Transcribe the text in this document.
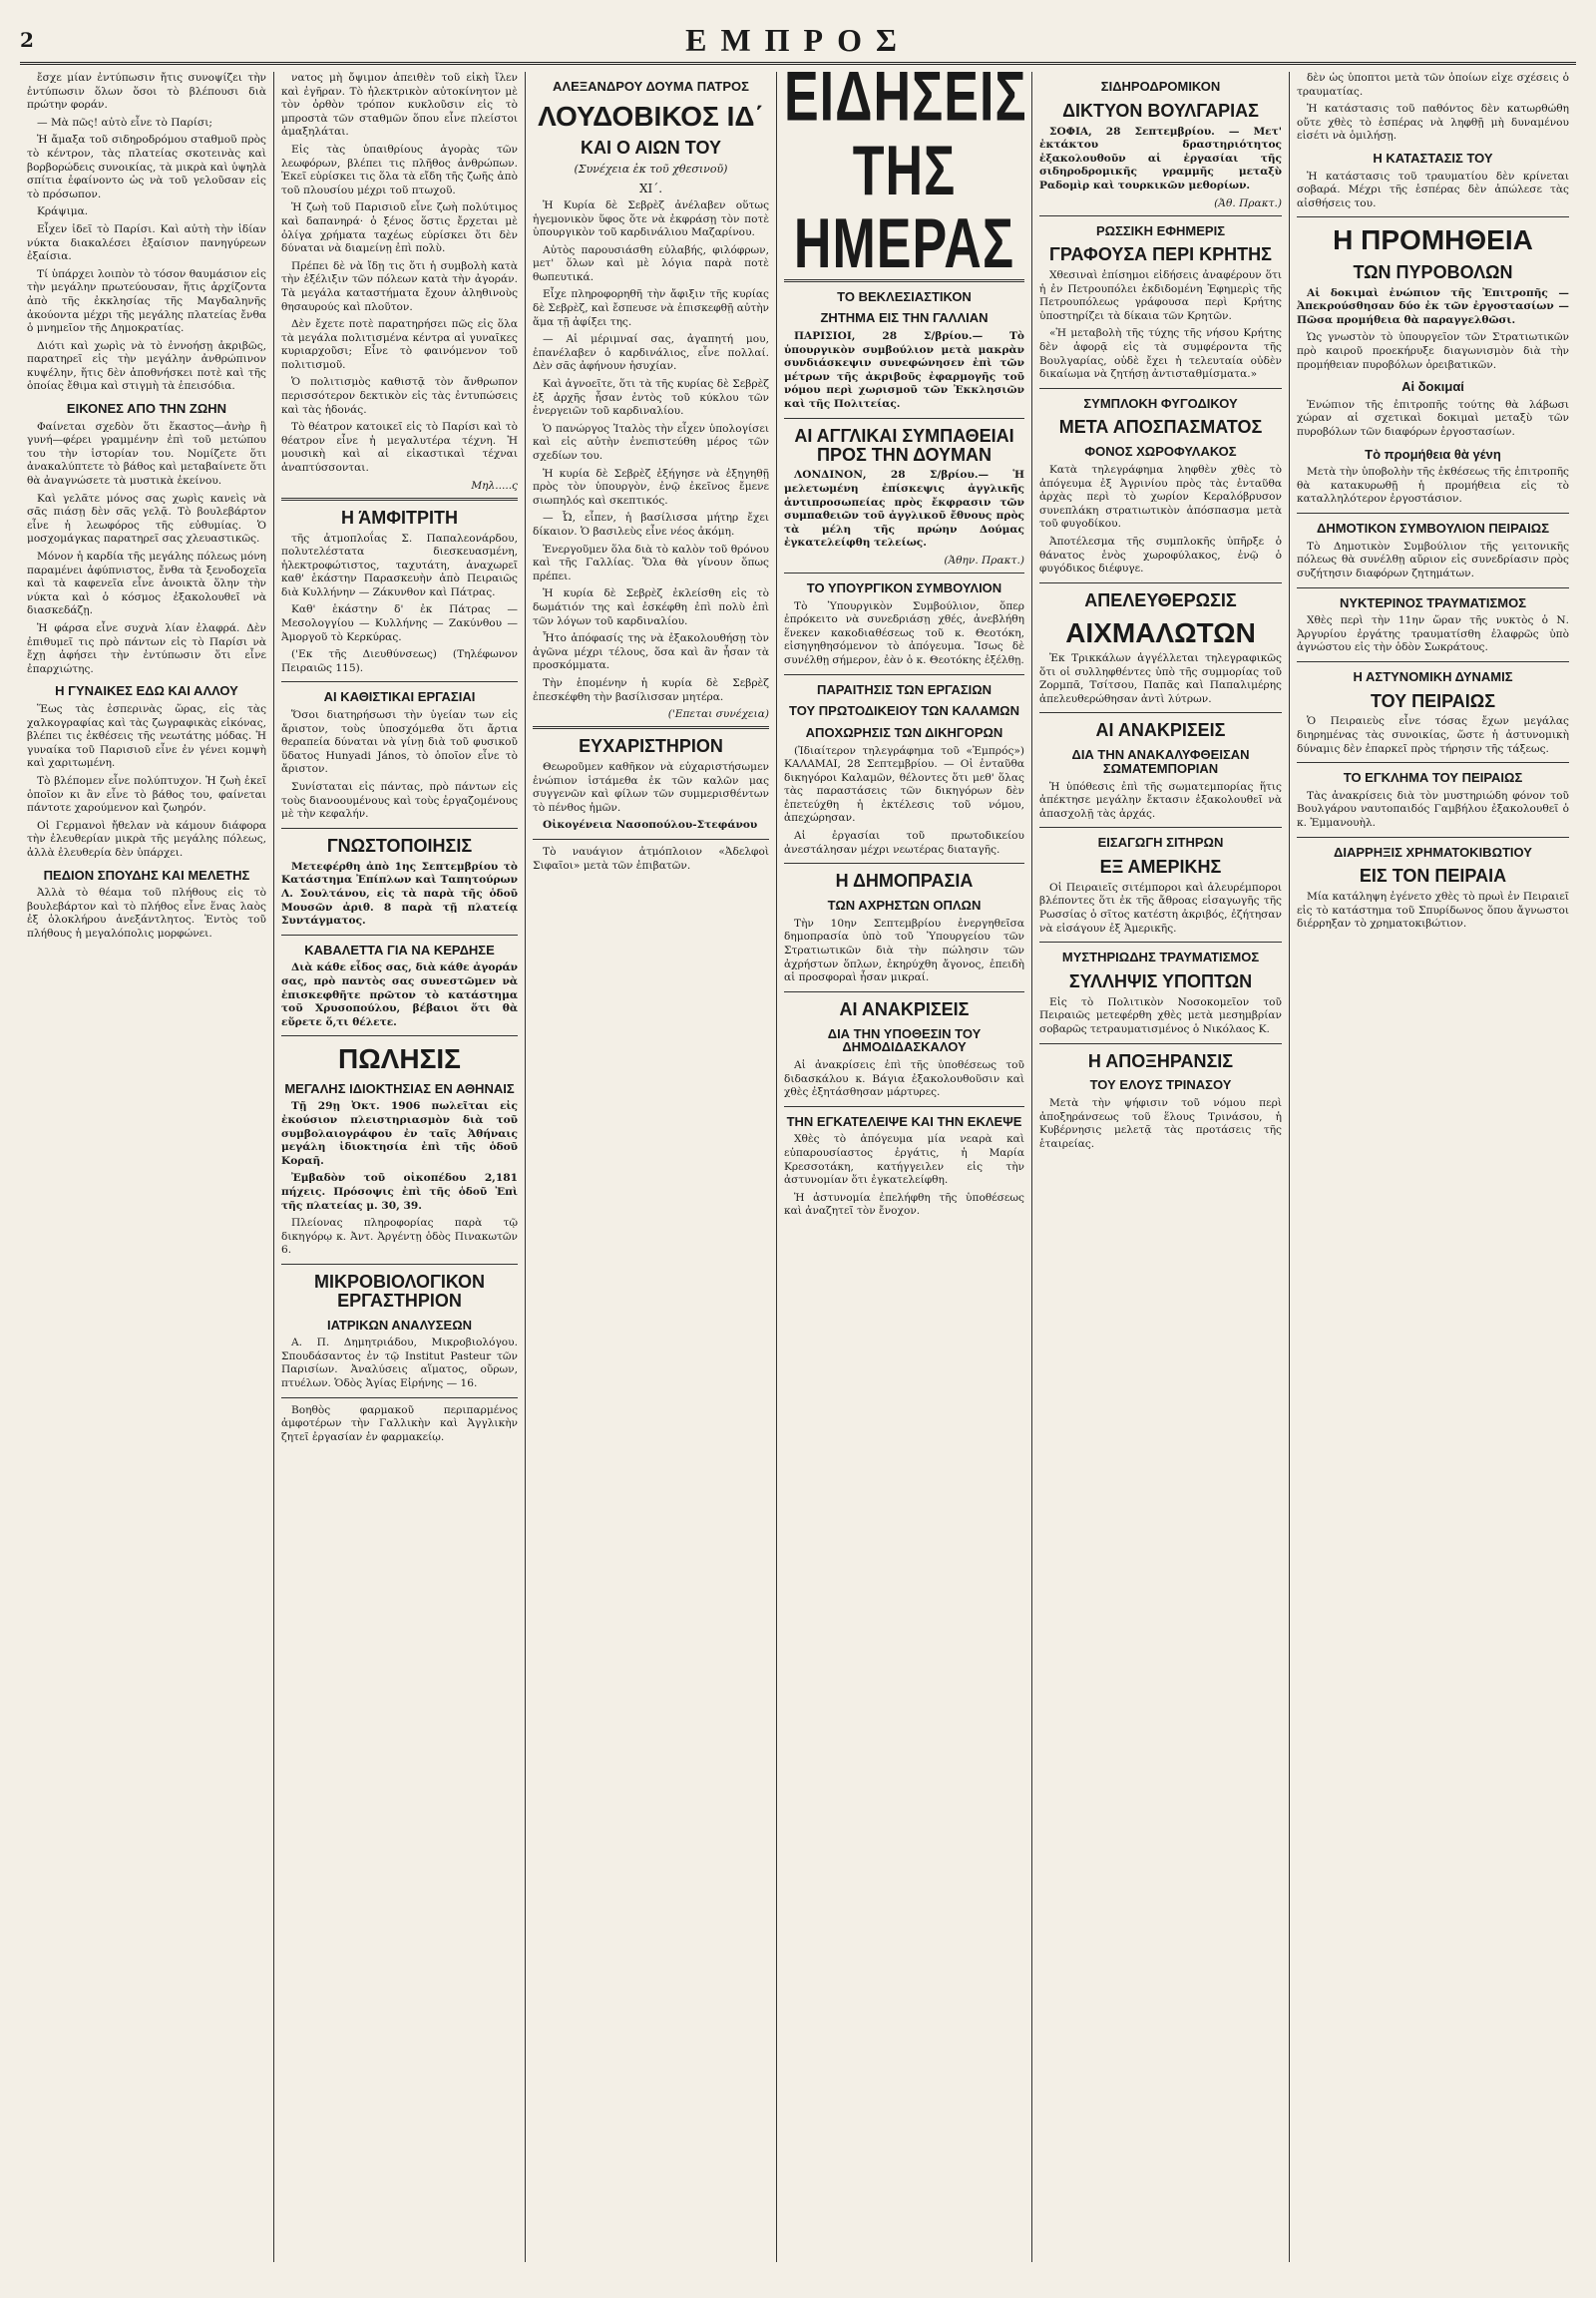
2	ΕΜΠΡΟΣ

ἔσχε μίαν ἐντύπωσιν ἤτις συνοψίζει τὴν ἐντύπωσιν ὅλων ὅσοι τὸ βλέπουσι διὰ πρώτην φοράν.

— Μὰ πῶς! αὐτὸ εἶνε τὸ Παρίσι;

Ἡ ἄμαξα τοῦ σιδηροδρόμου σταθμοῦ πρὸς τὸ κέντρον, τὰς πλατείας σκοτεινὰς καὶ βορβορώδεις συνοικίας, τὰ μικρὰ καὶ ὑψηλὰ σπίτια ἐφαίνοντο ὡς νὰ τοῦ γελοῦσαν εἰς τὸ πρόσωπον.

Κράψιμα.

Εἶχεν ἰδεῖ τὸ Παρίσι. Καὶ αὐτὴ τὴν ἰδίαν νύκτα διακαλέσει ἐξαίσιον πανηγύρεων ἐξαίσια.

Τί ὑπάρχει λοιπὸν τὸ τόσον θαυμάσιον εἰς τὴν μεγάλην πρωτεύουσαν, ἥτις ἀρχίζοντα ἀπὸ τῆς ἐκκλησίας τῆς Μαγδαληνῆς ἀκούοντα μέχρι τῆς μεγάλης πλατείας ἔνθα ὁ μνημεῖον τῆς Δημοκρατίας.

Διότι καὶ χωρὶς νὰ τὸ ἐννοήσῃ ἀκριβῶς, παρατηρεῖ εἰς τὴν μεγάλην ἀνθρώπινον κυψέλην, ἥτις δὲν ἀποθνήσκει ποτὲ καὶ τῆς ὁποίας ἔθιμα καὶ στιγμὴ τὰ ἐπεισόδια.

ΕΙΚΟΝΕΣ ΑΠΟ ΤΗΝ ΖΩΗΝ

Φαίνεται σχεδὸν ὅτι ἕκαστος—ἀνὴρ ἢ γυνή—φέρει γραμμένην ἐπὶ τοῦ μετώπου του τὴν ἱστορίαν του. Νομίζετε ὅτι ἀνακαλύπτετε τὸ βάθος καὶ μεταβαίνετε ὅτι θὰ ἀναγνώσετε τὰ μυστικὰ ἐκείνου.

Καὶ γελᾶτε μόνος σας χωρὶς κανεὶς νὰ σᾶς πιάσῃ δὲν σᾶς γελᾷ. Τὸ βουλεβάρτον εἶνε ἡ λεωφόρος τῆς εὐθυμίας. Ὁ μοσχομάγκας παρατηρεῖ σας χλευαστικῶς.

Μόνον ἡ καρδία τῆς μεγάλης πόλεως μόνη παραμένει ἀφύπνιστος, ἔνθα τὰ ξενοδοχεῖα καὶ τὰ καφενεῖα εἶνε ἀνοικτὰ ὅλην τὴν νύκτα καὶ ὁ κόσμος ἐξακολουθεῖ νὰ διασκεδάζῃ.

Ἡ φάρσα εἶνε συχνὰ λίαν ἐλαφρά. Δὲν ἐπιθυμεῖ τις πρὸ πάντων εἰς τὸ Παρίσι νὰ ἔχῃ ἀφήσει τὴν ἐντύπωσιν ὅτι εἶνε ἐπαρχιώτης.

Η ΓΥΝΑΙΚΕΣ ΕΔΩ ΚΑΙ ΑΛΛΟΥ

Ἕως τὰς ἑσπερινὰς ὥρας, εἰς τὰς χαλκογραφίας καὶ τὰς ζωγραφικὰς εἰκόνας, βλέπει τις ἐκθέσεις τῆς νεωτάτης μόδας. Ἡ γυναίκα τοῦ Παρισιοῦ εἶνε ἐν γένει κομψὴ καὶ χαριτωμένη.

Τὸ βλέπομεν εἶνε πολύπτυχον. Ἡ ζωὴ ἐκεῖ ὁποῖον κι ἂν εἶνε τὸ βάθος του, φαίνεται πάντοτε χαρούμενον καὶ ζωηρόν.

Οἱ Γερμανοὶ ἤθελαν νὰ κάμουν διάφορα τὴν ἐλευθερίαν μικρὰ τῆς μεγάλης πόλεως, ἀλλὰ ἐλευθερία δὲν ὑπάρχει.

ΠΕΔΙΟΝ ΣΠΟΥΔΗΣ ΚΑΙ ΜΕΛΕΤΗΣ

Ἀλλὰ τὸ θέαμα τοῦ πλήθους εἰς τὸ βουλεβάρτον καὶ τὸ πλήθος εἶνε ἕνας λαὸς ἐξ ὁλοκλήρου ἀνεξάντλητος. Ἐντὸς τοῦ πλήθους ἡ μεγαλόπολις μορφώνει.

νατος μὴ ὄψιμον ἀπειθὲν τοῦ εἰκὴ ἴλεν καὶ ἐγῆραν. Τὸ ἡλεκτρικὸν αὐτοκίνητον μὲ τὸν ὀρθὸν τρόπον κυκλοῦσιν εἰς τὸ μπροστὰ τῶν σταθμῶν ὅπου εἶνε πλείστοι ἀμαξηλάται.

Εἰς τὰς ὑπαιθρίους ἀγορὰς τῶν λεωφόρων, βλέπει τις πλῆθος ἀνθρώπων. Ἐκεῖ εὑρίσκει τις ὅλα τὰ εἴδη τῆς ζωῆς ἀπὸ τοῦ πλουσίου μέχρι τοῦ πτωχοῦ.

Ἡ ζωὴ τοῦ Παρισιοῦ εἶνε ζωὴ πολύτιμος καὶ δαπανηρά· ὁ ξένος ὅστις ἔρχεται μὲ ὀλίγα χρήματα ταχέως εὑρίσκει ὅτι δὲν δύναται νὰ διαμείνῃ ἐπὶ πολὺ.

Πρέπει δὲ νὰ ἴδῃ τις ὅτι ἡ συμβολὴ κατὰ τὴν ἐξέλιξιν τῶν πόλεων κατὰ τὴν ἀγοράν. Τὰ μεγάλα καταστήματα ἔχουν ἀληθινοὺς θησαυρούς καὶ πλοῦτον.

Δὲν ἔχετε ποτὲ παρατηρήσει πῶς εἰς ὅλα τὰ μεγάλα πολιτισμένα κέντρα αἱ γυναῖκες κυριαρχοῦσι; Εἶνε τὸ φαινόμενον τοῦ πολιτισμοῦ.

Ὁ πολιτισμὸς καθιστᾷ τὸν ἄνθρωπον περισσότερον δεκτικὸν εἰς τὰς ἐντυπώσεις καὶ τὰς ἡδονάς.

Τὸ θέατρον κατοικεῖ εἰς τὸ Παρίσι καὶ τὸ θέατρον εἶνε ἡ μεγαλυτέρα τέχνη. Ἡ μουσικὴ καὶ αἱ εἰκαστικαὶ τέχναι ἀναπτύσσονται.

Μηλ.....ς
Η ΆΜΦΙΤΡΙΤΗ

τῆς ἀτμοπλοΐας Σ. Παπαλεονάρδου, πολυτελέστατα διεσκευασμένη, ἡλεκτροφώτιστος, ταχυτάτη, ἀναχωρεῖ καθ' ἑκάστην Παρασκευὴν ἀπὸ Πειραιῶς διὰ Κυλλήνην — Ζάκυνθον καὶ Πάτρας.

Καθ' ἑκάστην δ' ἐκ Πάτρας — Μεσολογγίου — Κυλλήνης — Ζακύνθου — Ἀμοργοῦ τὸ Κερκύρας.

('Εκ τῆς Διευθύνσεως) (Τηλέφωνον Πειραιῶς 115).

ΑΙ ΚΑΘΙΣΤΙΚΑΙ ΕΡΓΑΣΙΑΙ

Ὅσοι διατηρήσωσι τὴν ὑγείαν των εἰς ἄριστον, τοὺς ὑποσχόμεθα ὅτι ἄρτια θεραπεία δύναται νὰ γίνῃ διὰ τοῦ φυσικοῦ ὕδατος Hunyadi János, τὸ ὁποῖον εἶνε τὸ ἄριστον.

Συνίσταται εἰς πάντας, πρὸ πάντων εἰς τοὺς διανοουμένους καὶ τοὺς ἐργαζομένους μὲ τὴν κεφαλήν.

ΓΝΩΣΤΟΠΟΙΗΣΙΣ

Μετεφέρθη ἀπὸ 1ης Σεπτεμβρίου τὸ Κατάστημα Ἐπίπλων καὶ Ταπητούρων Λ. Σουλτάνου, εἰς τὰ παρὰ τῆς ὁδοῦ Μουσῶν ἀριθ. 8 παρὰ τῇ πλατείᾳ Συντάγματος.

ΚΑΒΑΛΕΤΤΑ ΓΙΑ ΝΑ ΚΕΡΔΗΣΕ

Διὰ κάθε εἶδος σας, διὰ κάθε ἀγοράν σας, πρὸ παντὸς σας συνεστῶμεν νὰ ἐπισκεφθῆτε πρῶτον τὸ κατάστημα τοῦ Χρυσοπούλου, βέβαιοι ὅτι θὰ εὕρετε ὅ,τι θέλετε.

ΠΩΛΗΣΙΣ
ΜΕΓΑΛΗΣ ΙΔΙΟΚΤΗΣΙΑΣ ΕΝ ΑΘΗΝΑΙΣ

Τῇ 29ῃ Ὀκτ. 1906 πωλεῖται εἰς ἐκούσιον πλειστηριασμὸν διὰ τοῦ συμβολαιογράφου ἐν ταῖς Ἀθήναις μεγάλη ἰδιοκτησία ἐπὶ τῆς ὁδοῦ Κοραῆ.

Ἐμβαδὸν τοῦ οἰκοπέδου 2,181 πήχεις. Πρόσοψις ἐπὶ τῆς ὁδοῦ Ἐπὶ τῆς πλατείας μ. 30, 39.

Πλείονας πληροφορίας παρὰ τῷ δικηγόρῳ κ. Ἀντ. Ἀργέντῃ ὁδὸς Πινακωτῶν 6.

ΜΙΚΡΟΒΙΟΛΟΓΙΚΟΝ ΕΡΓΑΣΤΗΡΙΟΝ
ΙΑΤΡΙΚΩΝ ΑΝΑΛΥΣΕΩΝ

Α. Π. Δημητριάδου, Μικροβιολόγου. Σπουδάσαντος ἐν τῷ Institut Pasteur τῶν Παρισίων. Ἀναλύσεις αἵματος, οὔρων, πτυέλων. Ὁδὸς Ἁγίας Εἰρήνης — 16.

Βοηθὸς φαρμακοῦ περιπαρμένος ἀμφοτέρων τὴν Γαλλικὴν καὶ Ἀγγλικὴν ζητεῖ ἐργασίαν ἐν φαρμακείῳ.

ΑΛΕΞΑΝΔΡΟΥ ΔΟΥΜΑ ΠΑΤΡΟΣ
ΛΟΥΔΟΒΙΚΟΣ ΙΔ΄
ΚΑΙ Ο ΑΙΩΝ ΤΟΥ
(Συνέχεια ἐκ τοῦ χθεσινοῦ)
ΧΙ΄.

Ἡ Κυρία δὲ Σεβρὲζ ἀνέλαβεν οὕτως ἡγεμονικὸν ὕφος ὅτε νὰ ἐκφράσῃ τὸν ποτὲ ὑπουργικὸν τοῦ καρδινάλιου Μαζαρίνου.

Αὐτὸς παρουσιάσθη εὐλαβής, φιλόφρων, μετ' ὅλων καὶ μὲ λόγια παρὰ ποτὲ θωπευτικά.

Εἶχε πληροφορηθῆ τὴν ἄφιξιν τῆς κυρίας δὲ Σεβρὲζ, καὶ ἔσπευσε νὰ ἐπισκεφθῇ αὐτὴν ἅμα τῇ ἀφίξει της.

— Αἱ μέριμναί σας, ἀγαπητή μου, ἐπανέλαβεν ὁ καρδινάλιος, εἶνε πολλαί. Δὲν σᾶς ἀφήνουν ἡσυχίαν.

Καὶ ἀγνοεῖτε, ὅτι τὰ τῆς κυρίας δὲ Σεβρὲζ ἐξ ἀρχῆς ἦσαν ἐντὸς τοῦ κύκλου τῶν ἐνεργειῶν τοῦ καρδιναλίου.

Ὁ πανώργος Ἰταλὸς τὴν εἶχεν ὑπολογίσει καὶ εἰς αὐτὴν ἐνεπιστεύθη μέρος τῶν σχεδίων του.

Ἡ κυρία δὲ Σεβρὲζ ἐξήγησε νὰ ἐξηγηθῇ πρὸς τὸν ὑπουργὸν, ἐνῷ ἐκεῖνος ἔμενε σιωπηλός καὶ σκεπτικός.

— Ὦ, εἶπεν, ἡ βασίλισσα μήτηρ ἔχει δίκαιον. Ὁ βασιλεὺς εἶνε νέος ἀκόμη.

Ἐνεργοῦμεν ὅλα διὰ τὸ καλὸν τοῦ θρόνου καὶ τῆς Γαλλίας. Ὅλα θὰ γίνουν ὅπως πρέπει.

Ἡ κυρία δὲ Σεβρὲζ ἐκλείσθη εἰς τὸ δωμάτιόν της καὶ ἐσκέφθη ἐπὶ πολὺ ἐπὶ τῶν λόγων τοῦ καρδιναλίου.

Ἦτο ἀπόφασίς της νὰ ἐξακολουθήσῃ τὸν ἀγῶνα μέχρι τέλους, ὅσα καὶ ἂν ἦσαν τὰ προσκόμματα.

Τὴν ἑπομένην ἡ κυρία δὲ Σεβρὲζ ἐπεσκέφθη τὴν βασίλισσαν μητέρα.

('Επεται συνέχεια)
ΕΥΧΑΡΙΣΤΗΡΙΟΝ

Θεωροῦμεν καθῆκον νὰ εὐχαριστήσωμεν ἐνώπιον ἱστάμεθα ἐκ τῶν καλῶν μας συγγενῶν καὶ φίλων τῶν συμμερισθέντων τὸ πένθος ἡμῶν.

Οἰκογένεια Νασοπούλου-Στεφάνου

Τὸ ναυάγιον ἀτμόπλοιον «Ἀδελφοὶ Σιφαῖοι» μετὰ τῶν ἐπιβατῶν.

ΕΙΔΗΣΕΙΣ ΤΗΣ ΗΜΕΡΑΣ
ΤΟ ΒΕΚΛΕΣΙΑΣΤΙΚΟΝ
ΖΗΤΗΜΑ ΕΙΣ ΤΗΝ ΓΑΛΛΙΑΝ

ΠΑΡΙΣΙΟΙ, 28 Σ/βρίου.— Τὸ ὑπουργικὸν συμβούλιον μετὰ μακρὰν συνδιάσκεψιν συνεφώνησεν ἐπὶ τῶν μέτρων τῆς ἀκριβοῦς ἐφαρμογῆς τοῦ νόμου περὶ χωρισμοῦ τῶν Ἐκκλησιῶν καὶ τῆς Πολιτείας.

ΑΙ ΑΓΓΛΙΚΑΙ ΣΥΜΠΑΘΕΙΑΙ ΠΡΟΣ ΤΗΝ ΔΟΥΜΑΝ

ΛΟΝΔΙΝΟΝ, 28 Σ/βρίου.— Ἡ μελετωμένη ἐπίσκεψις ἀγγλικῆς ἀντιπροσωπείας πρὸς ἔκφρασιν τῶν συμπαθειῶν τοῦ ἀγγλικοῦ ἔθνους πρὸς τὰ μέλη τῆς πρώην Δούμας ἐγκατελείφθη τελείως.

(Ἀθην. Πρακτ.)
ΤΟ ΥΠΟΥΡΓΙΚΟΝ ΣΥΜΒΟΥΛΙΟΝ

Τὸ Ὑπουργικὸν Συμβούλιον, ὅπερ ἐπρόκειτο νὰ συνεδριάσῃ χθές, ἀνεβλήθη ἕνεκεν κακοδιαθέσεως τοῦ κ. Θεοτόκη, εἰσηγηθησόμενον τὸ ἀπόγευμα. Ἴσως δὲ συνέλθῃ σήμερον, ἐὰν ὁ κ. Θεοτόκης ἐξέλθῃ.

ΠΑΡΑΙΤΗΣΙΣ ΤΩΝ ΕΡΓΑΣΙΩΝ
ΤΟΥ ΠΡΩΤΟΔΙΚΕΙΟΥ ΤΩΝ ΚΑΛΑΜΩΝ
ΑΠΟΧΩΡΗΣΙΣ ΤΩΝ ΔΙΚΗΓΟΡΩΝ

(Ἰδιαίτερον τηλεγράφημα τοῦ «Ἐμπρός») ΚΑΛΑΜΑΙ, 28 Σεπτεμβρίου. — Οἱ ἐνταῦθα δικηγόροι Καλαμῶν, θέλοντες ὅτι μεθ' ὅλας τὰς παραστάσεις τῶν δικηγόρων δὲν ἐπετεύχθη ἡ ἐκτέλεσις τοῦ νόμου, ἀπεχώρησαν.

Αἱ ἐργασίαι τοῦ πρωτοδικείου ἀνεστάλησαν μέχρι νεωτέρας διαταγῆς.

Η ΔΗΜΟΠΡΑΣΙΑ
ΤΩΝ ΑΧΡΗΣΤΩΝ ΟΠΛΩΝ

Τὴν 10ην Σεπτεμβρίου ἐνεργηθεῖσα δημοπρασία ὑπὸ τοῦ Ὑπουργείου τῶν Στρατιωτικῶν διὰ τὴν πώλησιν τῶν ἀχρήστων ὅπλων, ἐκηρύχθη ἄγονος, ἐπειδὴ αἱ προσφοραὶ ἦσαν μικραί.

ΑΙ ΑΝΑΚΡΙΣΕΙΣ
ΔΙΑ ΤΗΝ ΥΠΟΘΕΣΙΝ ΤΟΥ ΔΗΜΟΔΙΔΑΣΚΑΛΟΥ

Αἱ ἀνακρίσεις ἐπὶ τῆς ὑποθέσεως τοῦ διδασκάλου κ. Βάγια ἐξακολουθοῦσιν καὶ χθὲς ἐξητάσθησαν μάρτυρες.

ΤΗΝ ΕΓΚΑΤΕΛΕΙΨΕ ΚΑΙ ΤΗΝ ΕΚΛΕΨΕ

Χθὲς τὸ ἀπόγευμα μία νεαρὰ καὶ εὐπαρουσίαστος ἐργάτις, ἡ Μαρία Κρεσσοτάκη, κατήγγειλεν εἰς τὴν ἀστυνομίαν ὅτι ἐγκατελείφθη.

Ἡ ἀστυνομία ἐπελήφθη τῆς ὑποθέσεως καὶ ἀναζητεῖ τὸν ἔνοχον.

ΣΙΔΗΡΟΔΡΟΜΙΚΟΝ
ΔΙΚΤΥΟΝ ΒΟΥΛΓΑΡΙΑΣ

ΣΟΦΙΑ, 28 Σεπτεμβρίου. — Μετ' ἐκτάκτου δραστηριότητος ἐξακολουθοῦν αἱ ἐργασίαι τῆς σιδηροδρομικῆς γραμμῆς μεταξὺ Ραδομὶρ καὶ τουρκικῶν μεθορίων.

(Ἀθ. Πρακτ.)
ΡΩΣΣΙΚΗ ΕΦΗΜΕΡΙΣ
ΓΡΑΦΟΥΣΑ ΠΕΡΙ ΚΡΗΤΗΣ

Χθεσιναὶ ἐπίσημοι εἰδήσεις ἀναφέρουν ὅτι ἡ ἐν Πετρουπόλει ἐκδιδομένη Ἐφημερὶς τῆς Πετρουπόλεως γράφουσα περὶ Κρήτης ὑποστηρίζει τὰ δίκαια τῶν Κρητῶν.

«Ἡ μεταβολὴ τῆς τύχης τῆς νήσου Κρήτης δὲν ἀφορᾷ εἰς τὰ συμφέροντα τῆς Βουλγαρίας, οὐδὲ ἔχει ἡ τελευταία οὐδὲν δικαίωμα νὰ ζητήσῃ ἀντισταθμίσματα.»

ΣΥΜΠΛΟΚΗ ΦΥΓΟΔΙΚΟΥ
ΜΕΤΑ ΑΠΟΣΠΑΣΜΑΤΟΣ
ΦΟΝΟΣ ΧΩΡΟΦΥΛΑΚΟΣ

Κατὰ τηλεγράφημα ληφθὲν χθὲς τὸ ἀπόγευμα ἐξ Ἀγρινίου πρὸς τὰς ἐνταῦθα ἀρχὰς περὶ τὸ χωρίον Κεραλόβρυσον συνεπλάκη στρατιωτικὸν ἀπόσπασμα μετὰ τοῦ φυγοδίκου.

Ἀποτέλεσμα τῆς συμπλοκῆς ὑπῆρξε ὁ θάνατος ἑνὸς χωροφύλακος, ἐνῷ ὁ φυγόδικος διέφυγε.

ΑΠΕΛΕΥΘΕΡΩΣΙΣ
ΑΙΧΜΑΛΩΤΩΝ

Ἐκ Τρικκάλων ἀγγέλλεται τηλεγραφικῶς ὅτι οἱ συλληφθέντες ὑπὸ τῆς συμμορίας τοῦ Ζορμπᾶ, Τσίτσου, Παπᾶς καὶ Παπαλιμέρης ἀπελευθερώθησαν ἀντὶ λύτρων.

ΑΙ ΑΝΑΚΡΙΣΕΙΣ
ΔΙΑ ΤΗΝ ΑΝΑΚΑΛΥΦΘΕΙΣΑΝ ΣΩΜΑΤΕΜΠΟΡΙΑΝ

Ἡ ὑπόθεσις ἐπὶ τῆς σωματεμπορίας ἥτις ἀπέκτησε μεγάλην ἔκτασιν ἐξακολουθεῖ νὰ ἀπασχολῇ τὰς ἀρχάς.

ΕΙΣΑΓΩΓΗ ΣΙΤΗΡΩΝ
ΕΞ ΑΜΕΡΙΚΗΣ

Οἱ Πειραιεῖς σιτέμποροι καὶ ἀλευρέμποροι βλέποντες ὅτι ἐκ τῆς ἄθροας εἰσαγωγῆς τῆς Ρωσσίας ὁ σῖτος κατέστη ἀκριβός, ἐζήτησαν νὰ εἰσάγουν ἐξ Ἀμερικῆς.

ΜΥΣΤΗΡΙΩΔΗΣ ΤΡΑΥΜΑΤΙΣΜΟΣ
ΣΥΛΛΗΨΙΣ ΥΠΟΠΤΩΝ

Εἰς τὸ Πολιτικὸν Νοσοκομεῖον τοῦ Πειραιῶς μετεφέρθη χθὲς μετὰ μεσημβρίαν σοβαρῶς τετραυματισμένος ὁ Νικόλαος Κ.

Η ΑΠΟΞΗΡΑΝΣΙΣ
ΤΟΥ ΕΛΟΥΣ ΤΡΙΝΑΣΟΥ

Μετὰ τὴν ψήφισιν τοῦ νόμου περὶ ἀποξηράνσεως τοῦ ἕλους Τρινάσου, ἡ Κυβέρνησις μελετᾷ τὰς προτάσεις τῆς ἑταιρείας.

δὲν ὡς ὑποπτοι μετὰ τῶν ὁποίων εἶχε σχέσεις ὁ τραυματίας.

Ἡ κατάστασις τοῦ παθόντος δὲν κατωρθώθη οὔτε χθὲς τὸ ἑσπέρας νὰ ληφθῇ μὴ δυναμένου εἰσέτι νὰ ὁμιλήσῃ.

Η ΚΑΤΑΣΤΑΣΙΣ ΤΟΥ

Ἡ κατάστασις τοῦ τραυματίου δὲν κρίνεται σοβαρά. Μέχρι τῆς ἑσπέρας δὲν ἀπώλεσε τὰς αἰσθήσεις του.

Η ΠΡΟΜΗΘΕΙΑ
ΤΩΝ ΠΥΡΟΒΟΛΩΝ

Αἱ δοκιμαὶ ἐνώπιον τῆς Ἐπιτροπῆς — Ἀπεκρούσθησαν δύο ἐκ τῶν ἐργοστασίων — Πῶσα προμήθεια θὰ παραγγελθῶσι.

Ὡς γνωστὸν τὸ ὑπουργεῖον τῶν Στρατιωτικῶν πρὸ καιροῦ προεκήρυξε διαγωνισμὸν διὰ τὴν προμήθειαν πυροβόλων ὀρειβατικῶν.

Αἱ δοκιμαί

Ἐνώπιον τῆς ἐπιτροπῆς τούτης θὰ λάβωσι χώραν αἱ σχετικαὶ δοκιμαὶ μεταξὺ τῶν πυροβόλων τῶν διαφόρων ἐργοστασίων.

Τὸ προμήθεια θὰ γένη

Μετὰ τὴν ὑποβολὴν τῆς ἐκθέσεως τῆς ἐπιτροπῆς θὰ κατακυρωθῇ ἡ προμήθεια εἰς τὸ καταλληλότερον ἐργοστάσιον.

ΔΗΜΟΤΙΚΟΝ ΣΥΜΒΟΥΛΙΟΝ ΠΕΙΡΑΙΩΣ

Τὸ Δημοτικὸν Συμβούλιον τῆς γειτονικῆς πόλεως θὰ συνέλθῃ αὔριον εἰς συνεδρίασιν πρὸς συζήτησιν διαφόρων ζητημάτων.

ΝΥΚΤΕΡΙΝΟΣ ΤΡΑΥΜΑΤΙΣΜΟΣ

Χθὲς περὶ τὴν 11ην ὥραν τῆς νυκτὸς ὁ Ν. Ἀργυρίου ἐργάτης τραυματίσθη ἐλαφρῶς ὑπὸ ἀγνώστου εἰς τὴν ὁδὸν Σωκράτους.

Η ΑΣΤΥΝΟΜΙΚΗ ΔΥΝΑΜΙΣ
ΤΟΥ ΠΕΙΡΑΙΩΣ

Ὁ Πειραιεὺς εἶνε τόσας ἔχων μεγάλας διηρημένας τὰς συνοικίας, ὥστε ἡ ἀστυνομικὴ δύναμις δὲν ἐπαρκεῖ πρὸς τήρησιν τῆς τάξεως.

ΤΟ ΕΓΚΛΗΜΑ ΤΟΥ ΠΕΙΡΑΙΩΣ

Τὰς ἀνακρίσεις διὰ τὸν μυστηριώδη φόνον τοῦ Βουλγάρου ναυτοπαιδός Γαμβήλου ἐξακολουθεῖ ὁ κ. Ἐμμανουὴλ.

ΔΙΑΡΡΗΞΙΣ ΧΡΗΜΑΤΟΚΙΒΩΤΙΟΥ
ΕΙΣ ΤΟΝ ΠΕΙΡΑΙΑ

Μία κατάληψη ἐγένετο χθὲς τὸ πρωὶ ἐν Πειραιεῖ εἰς τὸ κατάστημα τοῦ Σπυρίδωνος ὅπου ἄγνωστοι διέρρηξαν τὸ χρηματοκιβώτιον.
